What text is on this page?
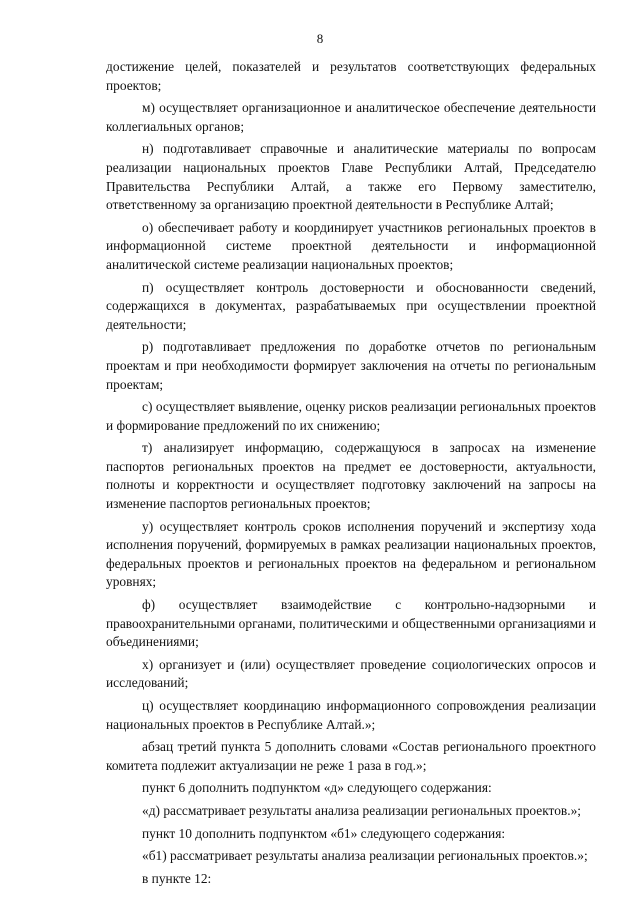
8

достижение целей, показателей и результатов соответствующих федеральных проектов;

м) осуществляет организационное и аналитическое обеспечение деятельности коллегиальных органов;

н) подготавливает справочные и аналитические материалы по вопросам реализации национальных проектов Главе Республики Алтай, Председателю Правительства Республики Алтай, а также его Первому заместителю, ответственному за организацию проектной деятельности в Республике Алтай;

о) обеспечивает работу и координирует участников региональных проектов в информационной системе проектной деятельности и информационной аналитической системе реализации национальных проектов;

п) осуществляет контроль достоверности и обоснованности сведений, содержащихся в документах, разрабатываемых при осуществлении проектной деятельности;

р) подготавливает предложения по доработке отчетов по региональным проектам и при необходимости формирует заключения на отчеты по региональным проектам;

с) осуществляет выявление, оценку рисков реализации региональных проектов и формирование предложений по их снижению;

т) анализирует информацию, содержащуюся в запросах на изменение паспортов региональных проектов на предмет ее достоверности, актуальности, полноты и корректности и осуществляет подготовку заключений на запросы на изменение паспортов региональных проектов;

у) осуществляет контроль сроков исполнения поручений и экспертизу хода исполнения поручений, формируемых в рамках реализации национальных проектов, федеральных проектов и региональных проектов на федеральном и региональном уровнях;

ф) осуществляет взаимодействие с контрольно-надзорными и правоохранительными органами, политическими и общественными организациями и объединениями;

х) организует и (или) осуществляет проведение социологических опросов и исследований;

ц) осуществляет координацию информационного сопровождения реализации национальных проектов в Республике Алтай.»;

абзац третий пункта 5 дополнить словами «Состав регионального проектного комитета подлежит актуализации не реже 1 раза в год.»;

пункт 6 дополнить подпунктом «д» следующего содержания:

«д) рассматривает результаты анализа реализации региональных проектов.»;

пункт 10 дополнить подпунктом «б1» следующего содержания:

«б1) рассматривает результаты анализа реализации региональных проектов.»;

в пункте 12:
